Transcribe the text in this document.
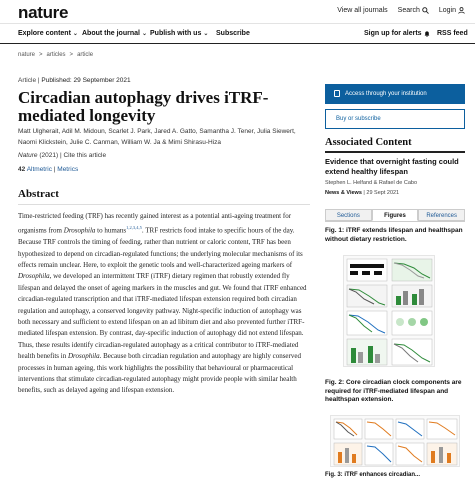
nature	View all journals Search	Login
Explore content ⌄ About the journal ⌄ Publish with us ⌄ Subscribe	Sign up for alerts RSS feed
nature > articles > article
Article | Published: 29 September 2021
Circadian autophagy drives iTRF-mediated longevity
Matt Ulgherait, Adil M. Midoun, Scarlet J. Park, Jared A. Gatto, Samantha J. Tener, Julia Siewert, Naomi Klickstein, Julie C. Canman, William W. Ja & Mimi Shirasu-Hiza
Nature (2021) | Cite this article
42 Altmetric | Metrics
Abstract

Time-restricted feeding (TRF) has recently gained interest as a potential anti-ageing treatment for organisms from Drosophila to humans$^{1,2,3,4,5}$. TRF restricts food intake to specific hours of the day. Because TRF controls the timing of feeding, rather than nutrient or caloric content, TRF has been hypothesized to depend on circadian-regulated functions; the underlying molecular mechanisms of its effects remain unclear. Here, to exploit the genetic tools and well-characterized ageing markers of Drosophila, we developed an intermittent TRF (iTRF) dietary regimen that robustly extended fly lifespan and delayed the onset of ageing markers in the muscles and gut. We found that iTRF enhanced circadian-regulated transcription and that iTRF-mediated lifespan extension required both circadian regulation and autophagy, a conserved longevity pathway. Night-specific induction of autophagy was both necessary and sufficient to extend lifespan on an ad libitum diet and also prevented further iTRF-mediated lifespan extension. By contrast, day-specific induction of autophagy did not extend lifespan. Thus, these results identify circadian-regulated autophagy as a critical contributor to iTRF-mediated health benefits in Drosophila. Because both circadian regulation and autophagy are highly conserved processes in human ageing, this work highlights the possibility that behavioural or pharmaceutical interventions that stimulate circadian-regulated autophagy might provide people with similar health benefits, such as delayed ageing and lifespan extension.

Access through your institution
Buy or subscribe
Associated Content
Evidence that overnight fasting could extend healthy lifespan
Stephen L. Helfand & Rafael de Cabo
News & Views | 29 Sept 2021
Sections	Figures	References
Fig. 1: iTRF extends lifespan and healthspan without dietary restriction.
Fig. 2: Core circadian clock components are required for iTRF-mediated lifespan and healthspan extension.
Fig. 3: iTRF enhances circadian...
